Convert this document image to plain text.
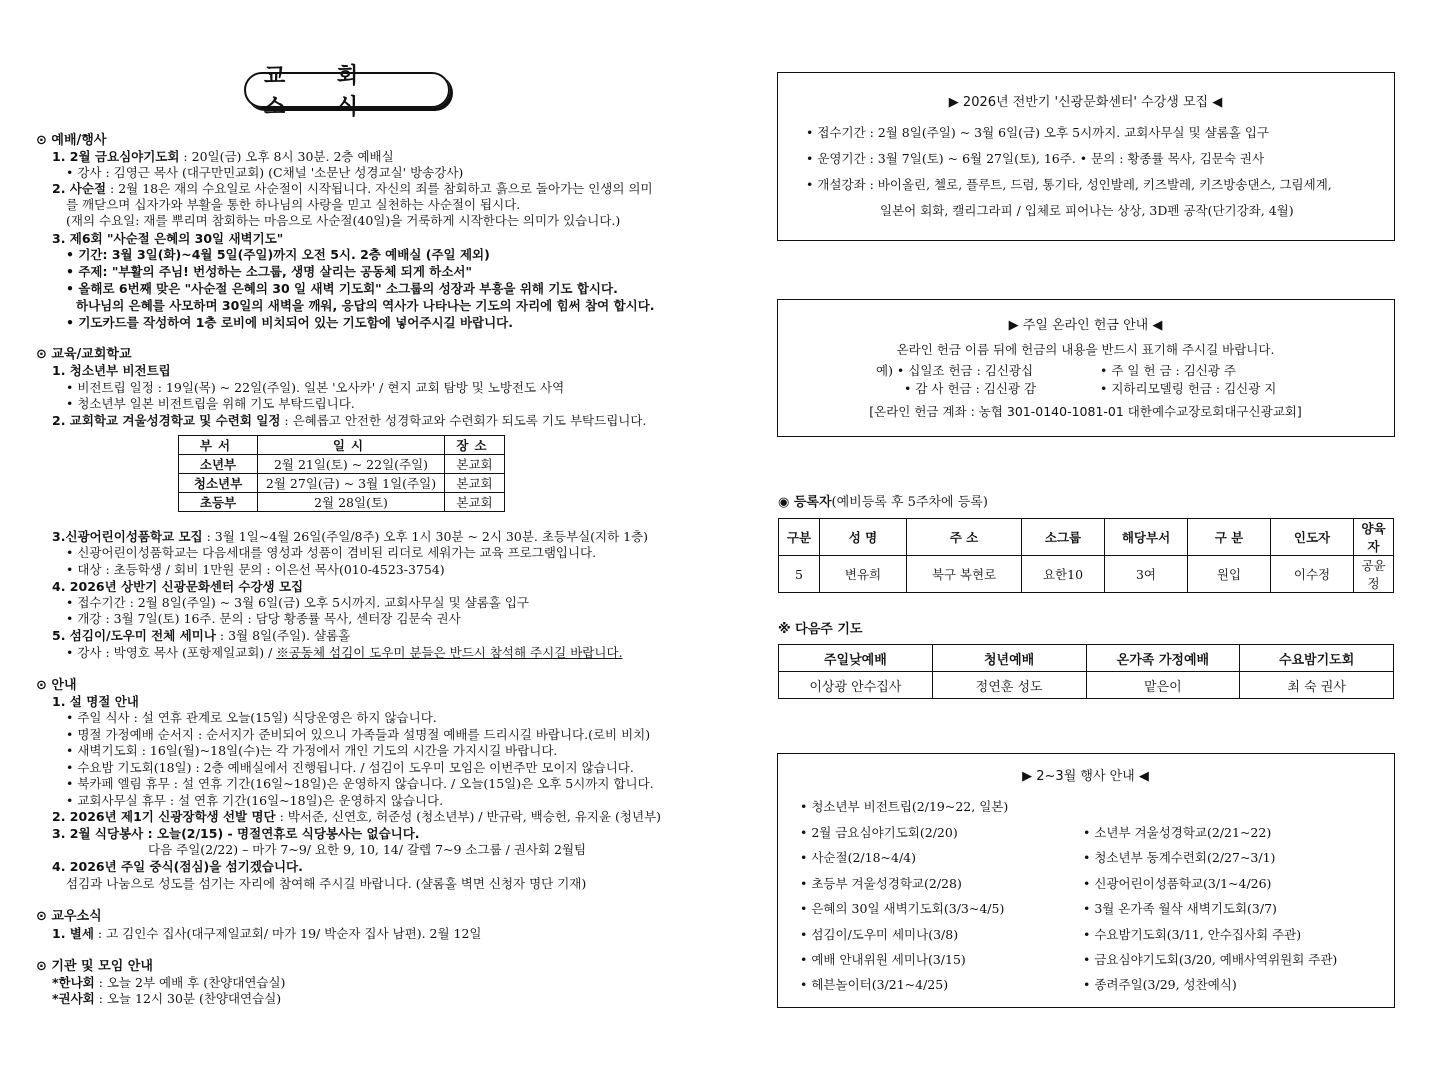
교 회 소 식
⊙ 예배/행사
1. 2월 금요심야기도회 : 20일(금) 오후 8시 30분. 2층 예배실
• 강사 : 김영근 목사 (대구만민교회) (C채널 '소문난 성경교실' 방송강사)
2. 사순절 : 2월 18은 재의 수요일로 사순절이 시작됩니다. 자신의 죄를 참회하고 흙으로 돌아가는 인생의 의미
를 깨닫으며 십자가와 부활을 통한 하나님의 사랑을 믿고 실천하는 사순절이 됩시다.
(재의 수요일: 재를 뿌리며 참회하는 마음으로 사순절(40일)을 거룩하게 시작한다는 의미가 있습니다.)
3. 제6회 "사순절 은혜의 30일 새벽기도"
• 기간: 3월 3일(화)~4월 5일(주일)까지 오전 5시. 2층 예배실 (주일 제외)
• 주제: "부활의 주님! 번성하는 소그룹, 생명 살리는 공동체 되게 하소서"
• 올해로 6번째 맞은 "사순절 은혜의 30 일 새벽 기도회" 소그룹의 성장과 부흥을 위해 기도 합시다.
하나님의 은혜를 사모하며 30일의 새벽을 깨워, 응답의 역사가 나타나는 기도의 자리에 힘써 참여 합시다.
• 기도카드를 작성하여 1층 로비에 비치되어 있는 기도함에 넣어주시길 바랍니다.
⊙ 교육/교회학교
1. 청소년부 비전트립
• 비전트립 일정 : 19일(목) ~ 22일(주일). 일본 '오사카' / 현지 교회 탐방 및 노방전도 사역
• 청소년부 일본 비전트립을 위해 기도 부탁드립니다.
2. 교회학교 겨울성경학교 및 수련회 일정 : 은혜롭고 안전한 성경학교와 수련회가 되도록 기도 부탁드립니다.
부서	일시	장소
소년부	2월 21일(토) ~ 22일(주일)	본교회
청소년부	2월 27일(금) ~ 3월 1일(주일)	본교회
초등부	2월 28일(토)	본교회
3.신광어린이성품학교 모집 : 3월 1일~4월 26일(주일/8주) 오후 1시 30분 ~ 2시 30분. 초등부실(지하 1층)
• 신광어린이성품학교는 다음세대를 영성과 성품이 겸비된 리더로 세워가는 교육 프로그램입니다.
• 대상 : 초등학생 / 회비 1만원 문의 : 이은선 목사(010-4523-3754)
4. 2026년 상반기 신광문화센터 수강생 모집
• 접수기간 : 2월 8일(주일) ~ 3월 6일(금) 오후 5시까지. 교회사무실 및 샬롬홀 입구
• 개강 : 3월 7일(토) 16주. 문의 : 담당 황종률 목사, 센터장 김문숙 권사
5. 섬김이/도우미 전체 세미나 : 3월 8일(주일). 샬롬홀
• 강사 : 박영호 목사 (포항제일교회) / ※공동체 섬김이 도우미 분들은 반드시 참석해 주시길 바랍니다.
⊙ 안내
1. 설 명절 안내
• 주일 식사 : 설 연휴 관계로 오늘(15일) 식당운영은 하지 않습니다.
• 명절 가정예배 순서지 : 순서지가 준비되어 있으니 가족들과 설명절 예배를 드리시길 바랍니다.(로비 비치)
• 새벽기도회 : 16일(월)~18일(수)는 각 가정에서 개인 기도의 시간을 가지시길 바랍니다.
• 수요밤 기도회(18일) : 2층 예배실에서 진행됩니다. / 섬김이 도우미 모임은 이번주만 모이지 않습니다.
• 북카페 엘림 휴무 : 설 연휴 기간(16일~18일)은 운영하지 않습니다. / 오늘(15일)은 오후 5시까지 합니다.
• 교회사무실 휴무 : 설 연휴 기간(16일~18일)은 운영하지 않습니다.
2. 2026년 제1기 신광장학생 선발 명단 : 박서준, 신연호, 허준성 (청소년부) / 반규락, 백승헌, 유지윤 (청년부)
3. 2월 식당봉사 : 오늘(2/15) - 명절연휴로 식당봉사는 없습니다.
다음 주일(2/22) – 마가 7~9/ 요한 9, 10, 14/ 갈렙 7~9 소그룹 / 권사회 2월팀
4. 2026년 주일 중식(점심)을 섬기겠습니다.
섬김과 나눔으로 성도를 섬기는 자리에 참여해 주시길 바랍니다. (샬롬홀 벽면 신청자 명단 기재)
⊙ 교우소식
1. 별세 : 고 김인수 집사(대구제일교회/ 마가 19/ 박순자 집사 남편). 2월 12일
⊙ 기관 및 모임 안내
*한나회 : 오늘 2부 예배 후 (찬양대연습실)
*권사회 : 오늘 12시 30분 (찬양대연습실)
▶ 2026년 전반기 '신광문화센터' 수강생 모집 ◀
• 접수기간 : 2월 8일(주일) ~ 3월 6일(금) 오후 5시까지. 교회사무실 및 샬롬홀 입구
• 운영기간 : 3월 7일(토) ~ 6월 27일(토), 16주. • 문의 : 황종률 목사, 김문숙 권사
• 개설강좌 : 바이올린, 첼로, 플루트, 드럼, 통기타, 성인발레, 키즈발레, 키즈방송댄스, 그림세계,
일본어 회화, 캘리그라피 / 입체로 피어나는 상상, 3D펜 공작(단기강좌, 4월)
▶ 주일 온라인 헌금 안내 ◀
온라인 헌금 이름 뒤에 헌금의 내용을 반드시 표기해 주시길 바랍니다.
예) • 십일조 헌금 : 김신광십	• 주 일 헌 금 : 김신광 주
• 감 사 헌금 : 김신광 감	• 지하리모델링 헌금 : 김신광 지
[온라인 헌금 계좌 : 농협 301-0140-1081-01 대한예수교장로회대구신광교회]
◉ 등록자(예비등록 후 5주차에 등록)
구분	성 명	주 소	소그룹	해당부서	구 분	인도자	양육자
5	변유희	북구 복현로	요한10	3여	원입	이수정	공윤정
※ 다음주 기도
주일낮예배	청년예배	온가족 가정예배	수요밤기도회
이상광 안수집사	정연훈 성도	맡은이	최 숙 권사
▶ 2~3월 행사 안내 ◀
• 청소년부 비전트립(2/19~22, 일본)
• 2월 금요심야기도회(2/20)
• 사순절(2/18~4/4)
• 초등부 겨울성경학교(2/28)
• 은혜의 30일 새벽기도회(3/3~4/5)
• 섬김이/도우미 세미나(3/8)
• 예배 안내위원 세미나(3/15)
• 헤븐놀이터(3/21~4/25)
• 소년부 겨울성경학교(2/21~22)
• 청소년부 동계수련회(2/27~3/1)
• 신광어린이성품학교(3/1~4/26)
• 3월 온가족 월삭 새벽기도회(3/7)
• 수요밤기도회(3/11, 안수집사회 주관)
• 금요심야기도회(3/20, 예배사역위원회 주관)
• 종려주일(3/29, 성찬예식)
